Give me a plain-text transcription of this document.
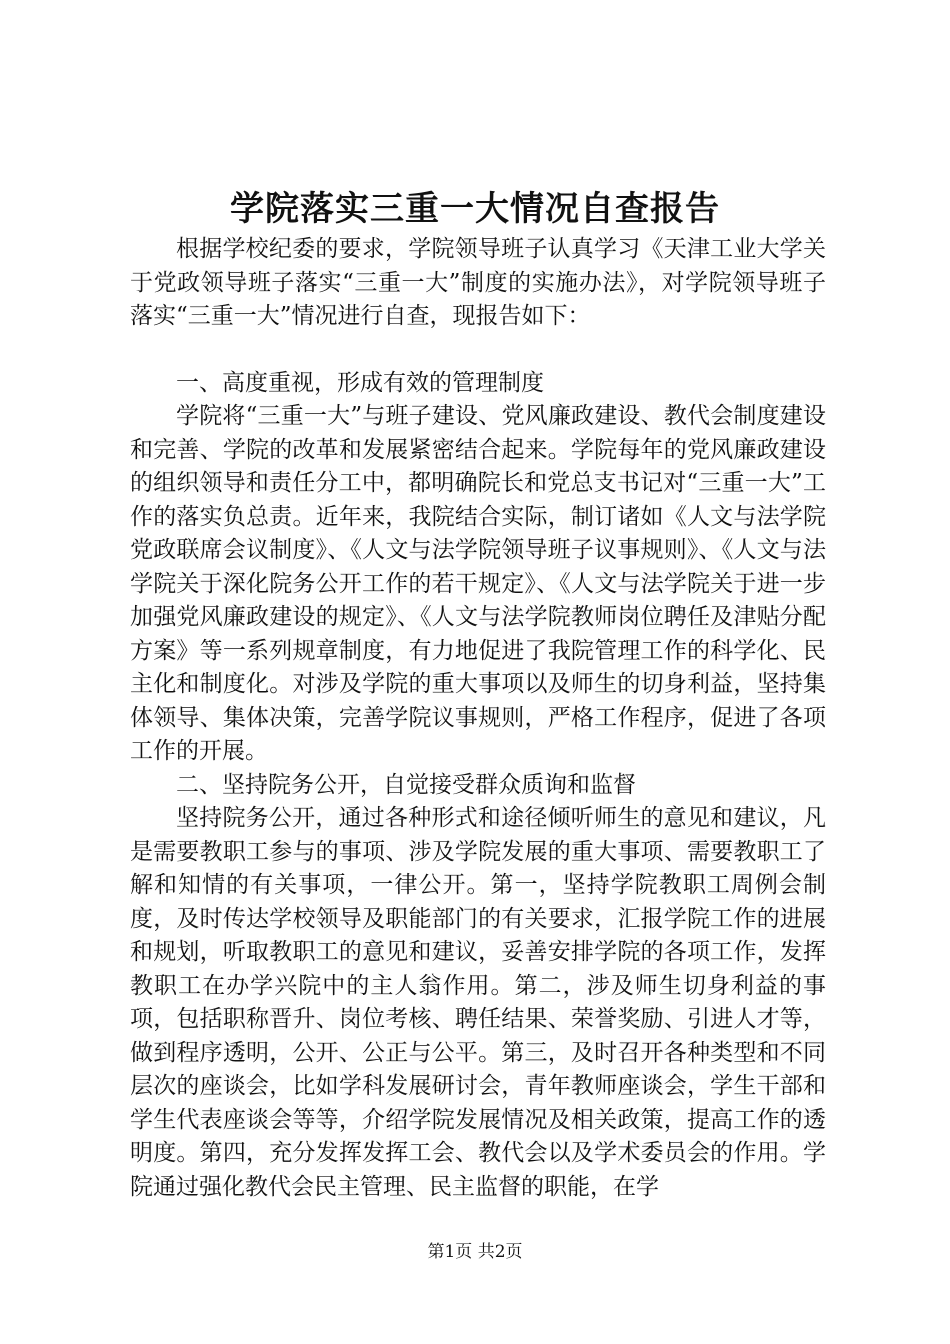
学院落实三重一大情况自查报告

根据学校纪委的要求，学院领导班子认真学习《天津工业大学关于党政领导班子落实“三重一大”制度的实施办法》，对学院领导班子落实“三重一大”情况进行自查，现报告如下：

一、高度重视，形成有效的管理制度

学院将“三重一大”与班子建设、党风廉政建设、教代会制度建设和完善、学院的改革和发展紧密结合起来。学院每年的党风廉政建设的组织领导和责任分工中，都明确院长和党总支书记对“三重一大”工作的落实负总责。近年来，我院结合实际，制订诸如《人文与法学院党政联席会议制度》、《人文与法学院领导班子议事规则》、《人文与法学院关于深化院务公开工作的若干规定》、《人文与法学院关于进一步加强党风廉政建设的规定》、《人文与法学院教师岗位聘任及津贴分配方案》等一系列规章制度，有力地促进了我院管理工作的科学化、民主化和制度化。对涉及学院的重大事项以及师生的切身利益，坚持集体领导、集体决策，完善学院议事规则，严格工作程序，促进了各项工作的开展。

二、坚持院务公开，自觉接受群众质询和监督

坚持院务公开，通过各种形式和途径倾听师生的意见和建议，凡是需要教职工参与的事项、涉及学院发展的重大事项、需要教职工了解和知情的有关事项，一律公开。第一，坚持学院教职工周例会制度，及时传达学校领导及职能部门的有关要求，汇报学院工作的进展和规划，听取教职工的意见和建议，妥善安排学院的各项工作，发挥教职工在办学兴院中的主人翁作用。第二，涉及师生切身利益的事项，包括职称晋升、岗位考核、聘任结果、荣誉奖励、引进人才等，做到程序透明，公开、公正与公平。第三，及时召开各种类型和不同层次的座谈会，比如学科发展研讨会，青年教师座谈会，学生干部和学生代表座谈会等等，介绍学院发展情况及相关政策，提高工作的透明度。第四，充分发挥发挥工会、教代会以及学术委员会的作用。学院通过强化教代会民主管理、民主监督的职能，在学

第1页 共2页
